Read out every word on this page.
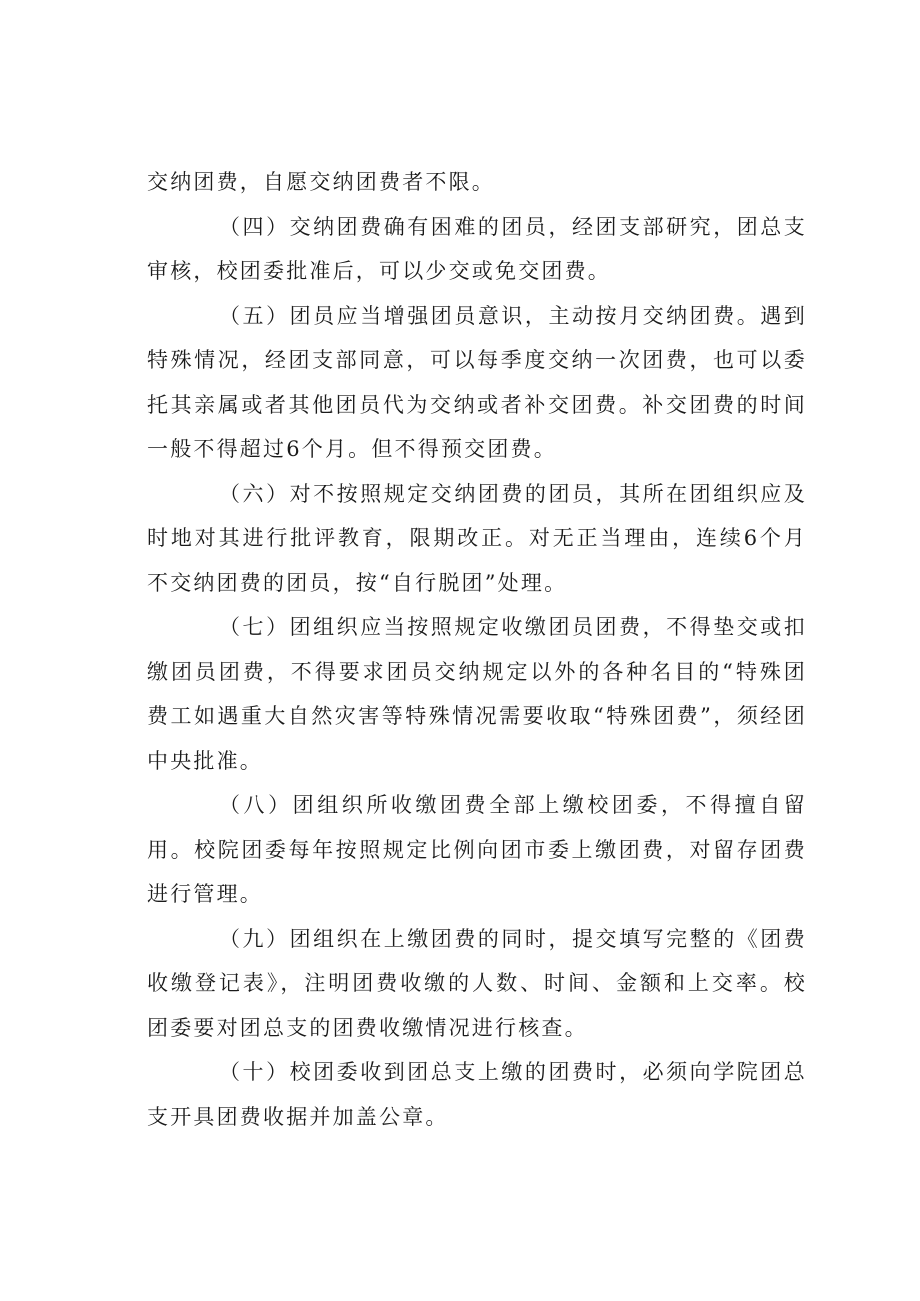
交纳团费，自愿交纳团费者不限。

（四）交纳团费确有困难的团员，经团支部研究，团总支审核，校团委批准后，可以少交或免交团费。

（五）团员应当增强团员意识，主动按月交纳团费。遇到特殊情况，经团支部同意，可以每季度交纳一次团费，也可以委托其亲属或者其他团员代为交纳或者补交团费。补交团费的时间一般不得超过6个月。但不得预交团费。

（六）对不按照规定交纳团费的团员，其所在团组织应及时地对其进行批评教育，限期改正。对无正当理由，连续6个月不交纳团费的团员，按“自行脱团”处理。

（七）团组织应当按照规定收缴团员团费，不得垫交或扣缴团员团费，不得要求团员交纳规定以外的各种名目的“特殊团费工如遇重大自然灾害等特殊情况需要收取“特殊团费”，须经团中央批准。

（八）团组织所收缴团费全部上缴校团委，不得擅自留用。校院团委每年按照规定比例向团市委上缴团费，对留存团费进行管理。

（九）团组织在上缴团费的同时，提交填写完整的《团费收缴登记表》，注明团费收缴的人数、时间、金额和上交率。校团委要对团总支的团费收缴情况进行核查。

（十）校团委收到团总支上缴的团费时，必须向学院团总支开具团费收据并加盖公章。
